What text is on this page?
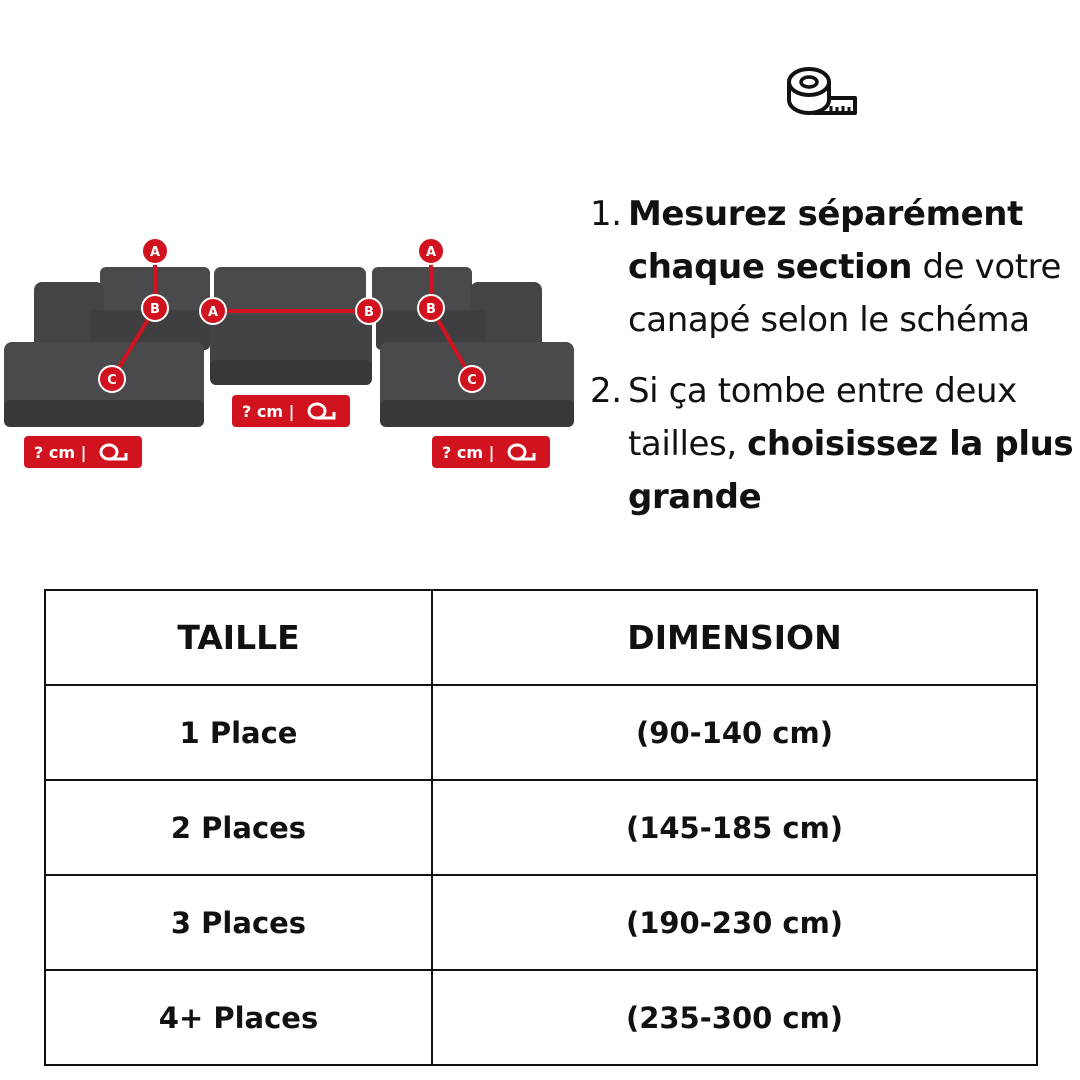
A
B
C
A	B
A
B
C
? cm |
? cm |	? cm |
1. Mesurez séparément chaque section de votre canapé selon le schéma
2. Si ça tombe entre deux tailles, choisissez la plus grande
TAILLE	DIMENSION
1 Place	(90-140 cm)
2 Places	(145-185 cm)
3 Places	(190-230 cm)
4+ Places	(235-300 cm)
